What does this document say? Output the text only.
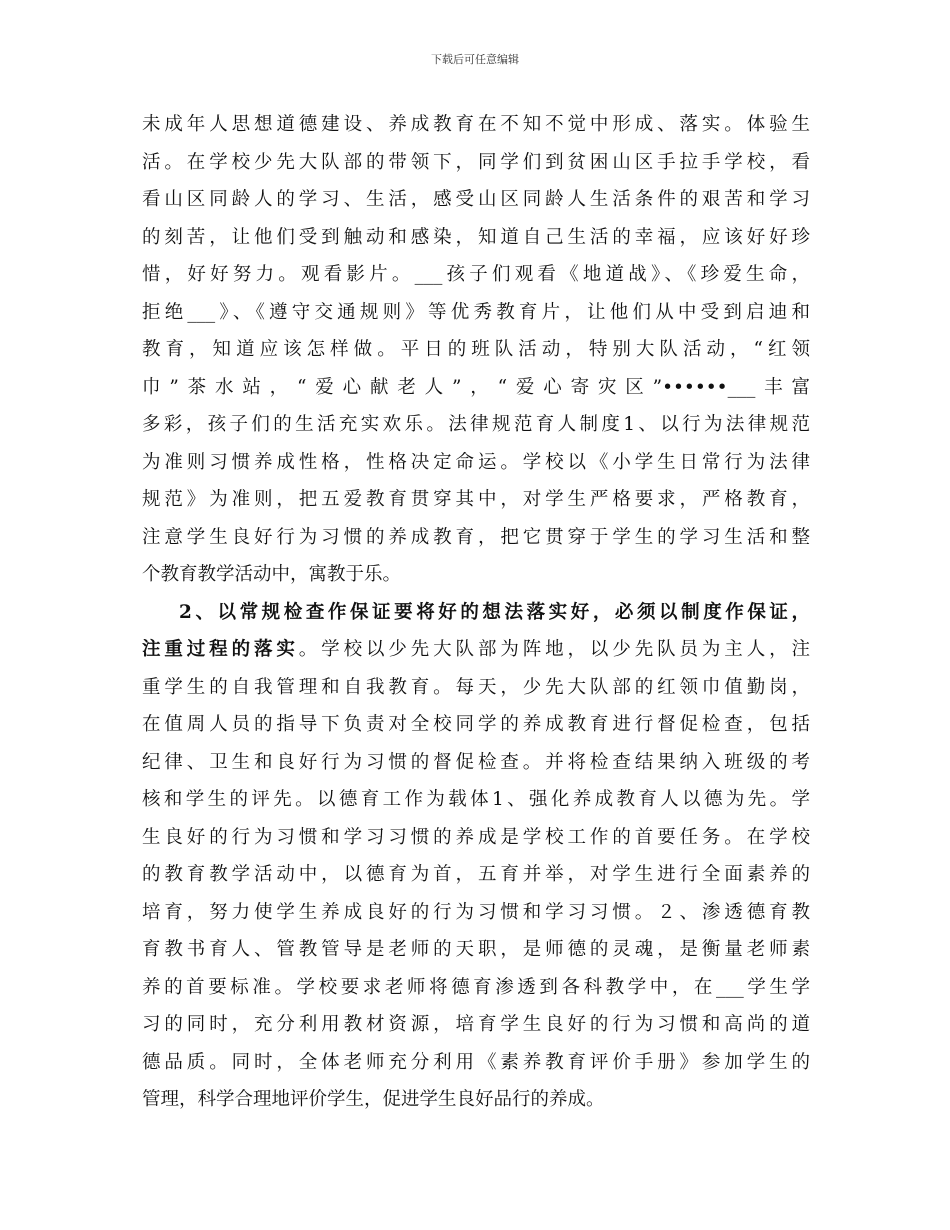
下载后可任意编辑
未成年人思想道德建设、养成教育在不知不觉中形成、落实。体验生
活。在学校少先大队部的带领下，同学们到贫困山区手拉手学校，看
看山区同龄人的学习、生活，感受山区同龄人生活条件的艰苦和学习
的刻苦，让他们受到触动和感染，知道自己生活的幸福，应该好好珍
惜，好好努力。观看影片。___孩子们观看《地道战》、《珍爱生命，
拒绝___》、《遵守交通规则》等优秀教育片，让他们从中受到启迪和
教育，知道应该怎样做。平日的班队活动，特别大队活动，“红领
巾”茶水站，“爱心献老人”，“爱心寄灾区”••••••___丰富
多彩，孩子们的生活充实欢乐。法律规范育人制度1、以行为法律规范
为准则习惯养成性格，性格决定命运。学校以《小学生日常行为法律
规范》为准则，把五爱教育贯穿其中，对学生严格要求，严格教育，
注意学生良好行为习惯的养成教育，把它贯穿于学生的学习生活和整
个教育教学活动中，寓教于乐。
2、以常规检查作保证要将好的想法落实好，必须以制度作保证，
注重过程的落实。学校以少先大队部为阵地，以少先队员为主人，注
重学生的自我管理和自我教育。每天，少先大队部的红领巾值勤岗，
在值周人员的指导下负责对全校同学的养成教育进行督促检查，包括
纪律、卫生和良好行为习惯的督促检查。并将检查结果纳入班级的考
核和学生的评先。以德育工作为载体1、强化养成教育人以德为先。学
生良好的行为习惯和学习习惯的养成是学校工作的首要任务。在学校
的教育教学活动中，以德育为首，五育并举，对学生进行全面素养的
培育，努力使学生养成良好的行为习惯和学习习惯。２、渗透德育教
育教书育人、管教管导是老师的天职，是师德的灵魂，是衡量老师素
养的首要标准。学校要求老师将德育渗透到各科教学中，在___学生学
习的同时，充分利用教材资源，培育学生良好的行为习惯和高尚的道
德品质。同时，全体老师充分利用《素养教育评价手册》参加学生的
管理，科学合理地评价学生，促进学生良好品行的养成。
